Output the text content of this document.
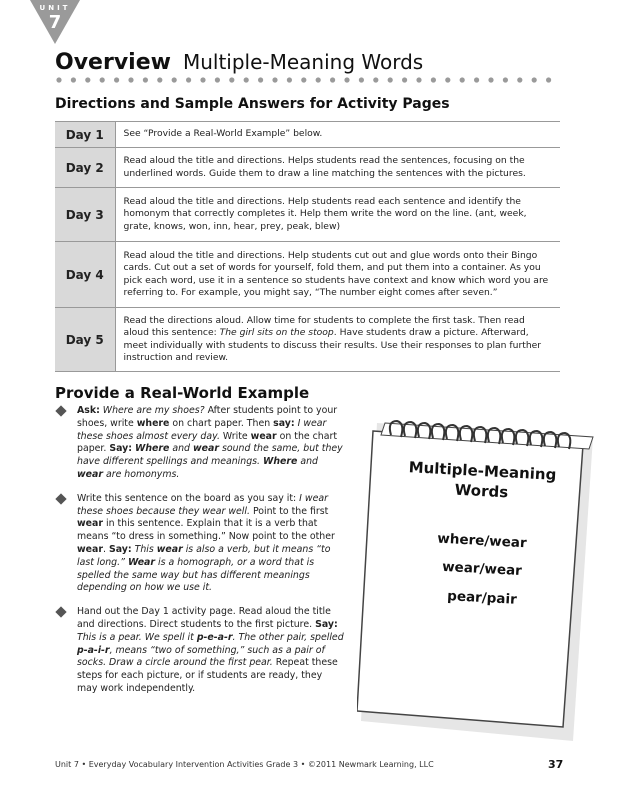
UNIT
7
Overview Multiple-Meaning Words
Directions and Sample Answers for Activity Pages
Day 1	See “Provide a Real-World Example” below.
Day 2	Read aloud the title and directions. Helps students read the sentences, focusing on the underlined words. Guide them to draw a line matching the sentences with the pictures.
Day 3	Read aloud the title and directions. Help students read each sentence and identify the homonym that correctly completes it. Help them write the word on the line. (ant, week, grate, knows, won, inn, hear, prey, peak, blew)
Day 4	Read aloud the title and directions. Help students cut out and glue words onto their Bingo cards. Cut out a set of words for yourself, fold them, and put them into a container. As you pick each word, use it in a sentence so students have context and know which word you are referring to. For example, you might say, “The number eight comes after seven.”
Day 5	Read the directions aloud. Allow time for students to complete the first task. Then read aloud this sentence: The girl sits on the stoop. Have students draw a picture. Afterward, meet individually with students to discuss their results. Use their responses to plan further instruction and review.
Provide a Real-World Example
Ask: Where are my shoes? After students point to your shoes, write where on chart paper. Then say: I wear these shoes almost every day. Write wear on the chart paper. Say: Where and wear sound the same, but they have different spellings and meanings. Where and wear are homonyms.
Write this sentence on the board as you say it: I wear these shoes because they wear well. Point to the first wear in this sentence. Explain that it is a verb that means “to dress in something.” Now point to the other wear. Say: This wear is also a verb, but it means “to last long.” Wear is a homograph, or a word that is spelled the same way but has different meanings depending on how we use it.
Hand out the Day 1 activity page. Read aloud the title and directions. Direct students to the first picture. Say: This is a pear. We spell it p-e-a-r. The other pair, spelled p-a-i-r, means “two of something,” such as a pair of socks. Draw a circle around the first pear. Repeat these steps for each picture, or if students are ready, they may work independently.
Multiple-Meaning
Words
where/wear
wear/wear
pear/pair
Unit 7 • Everyday Vocabulary Intervention Activities Grade 3 • ©2011 Newmark Learning, LLC	37
